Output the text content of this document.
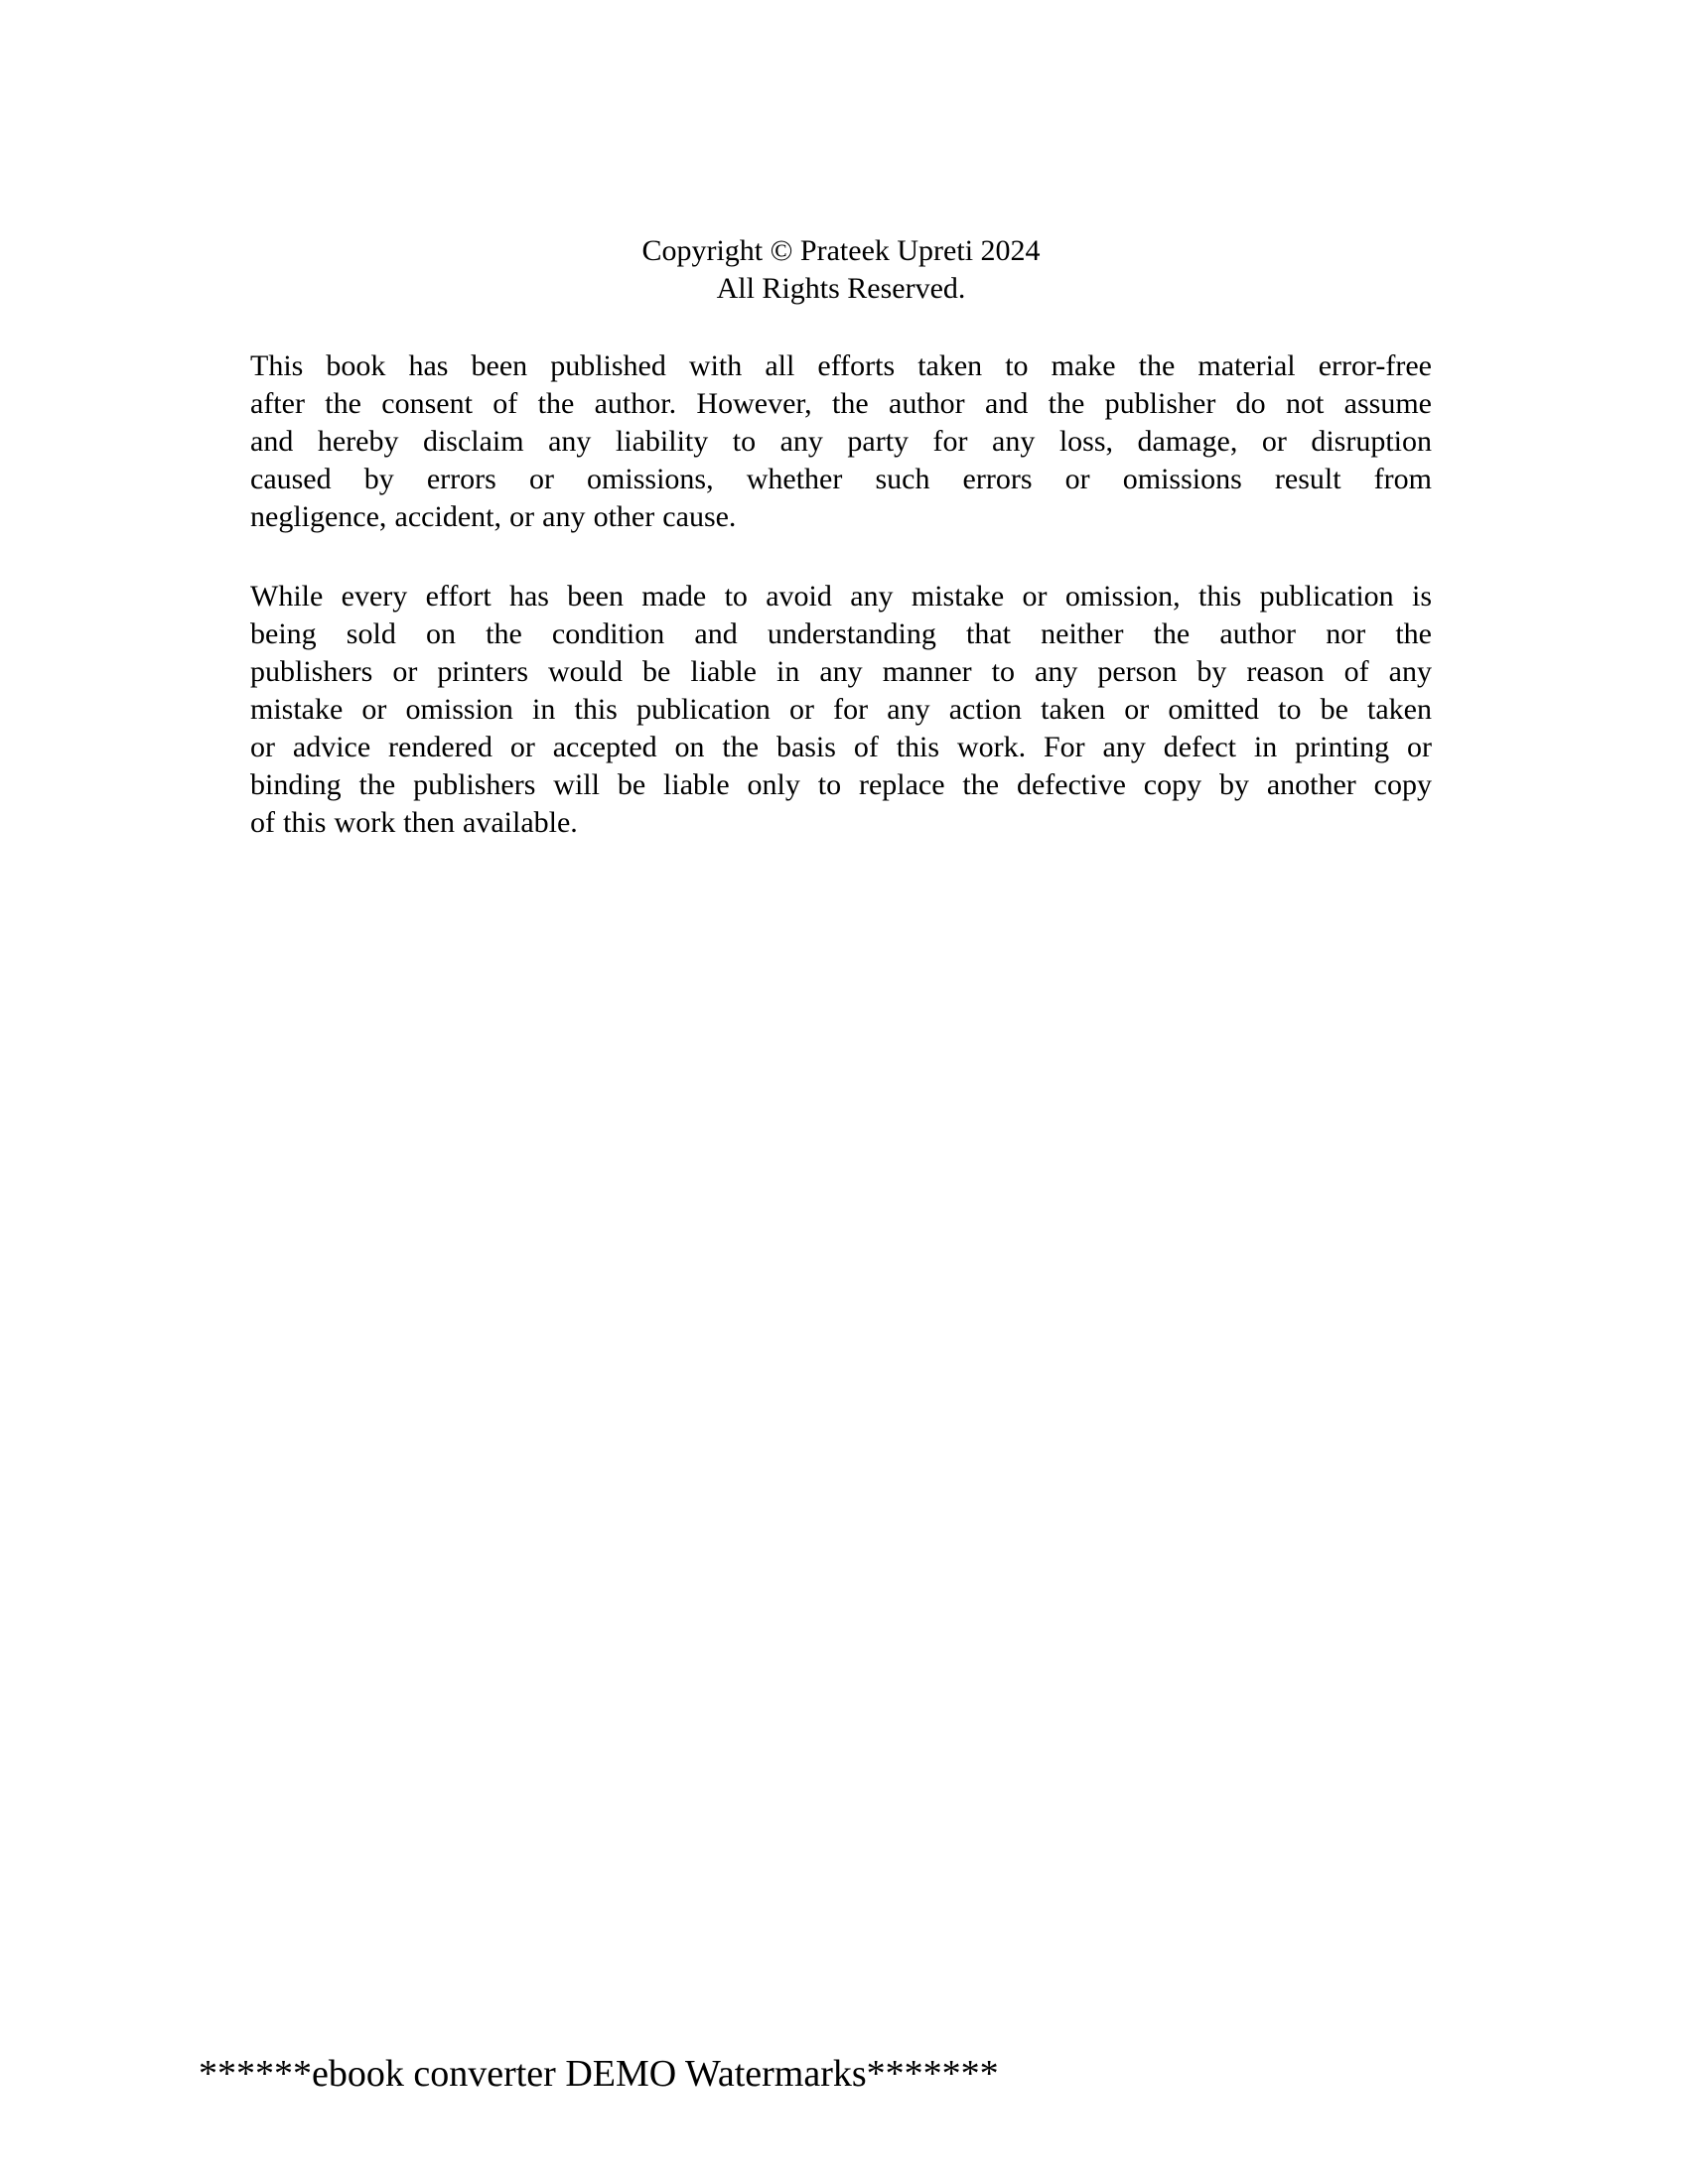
Copyright © Prateek Upreti 2024
All Rights Reserved.
This book has been published with all efforts taken to make the material error-free
after the consent of the author. However, the author and the publisher do not assume
and hereby disclaim any liability to any party for any loss, damage, or disruption
caused by errors or omissions, whether such errors or omissions result from
negligence, accident, or any other cause.
While every effort has been made to avoid any mistake or omission, this publication is
being sold on the condition and understanding that neither the author nor the
publishers or printers would be liable in any manner to any person by reason of any
mistake or omission in this publication or for any action taken or omitted to be taken
or advice rendered or accepted on the basis of this work. For any defect in printing or
binding the publishers will be liable only to replace the defective copy by another copy
of this work then available.
******ebook converter DEMO Watermarks*******
